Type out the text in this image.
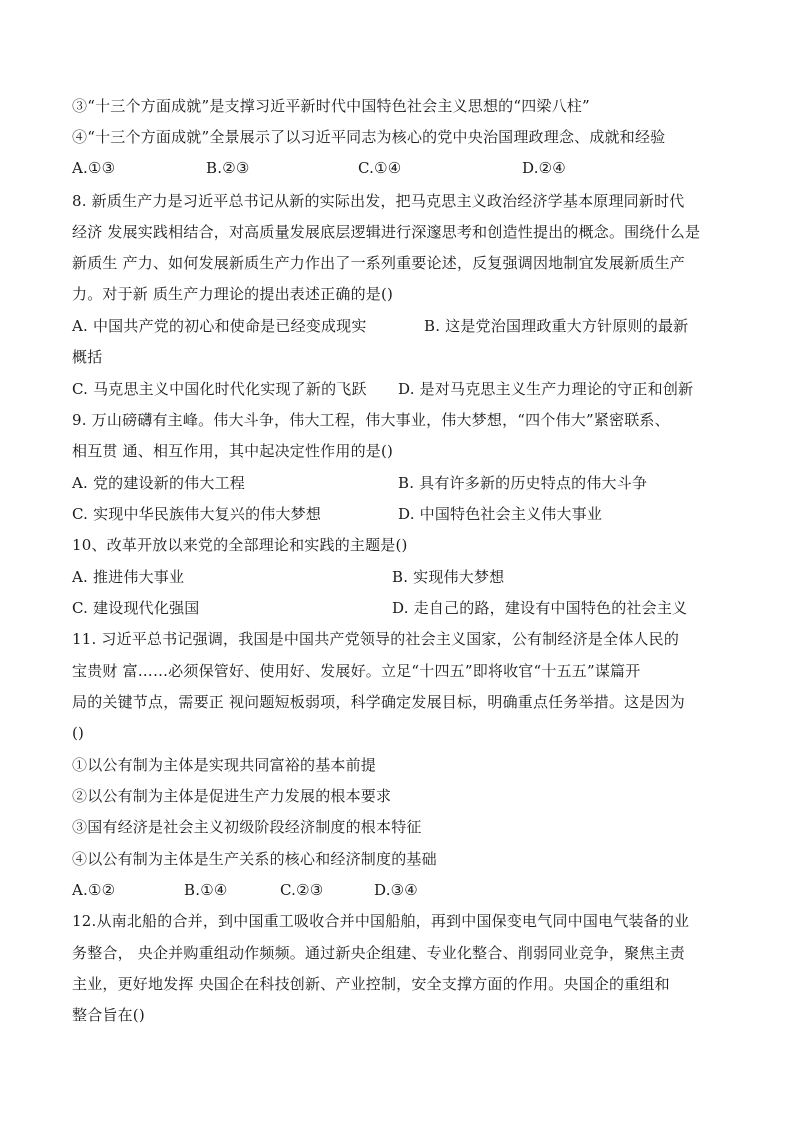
③“十三个方面成就”是支撑习近平新时代中国特色社会主义思想的“四梁八柱”
④“十三个方面成就”全景展示了以习近平同志为核心的党中央治国理政理念、成就和经验
A.①③	B.②③	C.①④	D.②④
8. 新质生产力是习近平总书记从新的实际出发，把马克思主义政治经济学基本原理同新时代
经济 发展实践相结合，对高质量发展底层逻辑进行深邃思考和创造性提出的概念。围绕什么是
新质生 产力、如何发展新质生产力作出了一系列重要论述，反复强调因地制宜发展新质生产
力。对于新 质生产力理论的提出表述正确的是()
A. 中国共产党的初心和使命是已经变成现实	B. 这是党治国理政重大方针原则的最新
概括
C. 马克思主义中国化时代化实现了新的飞跃 D. 是对马克思主义生产力理论的守正和创新
9. 万山磅礴有主峰。伟大斗争，伟大工程，伟大事业，伟大梦想，“四个伟大”紧密联系、
相互贯 通、相互作用，其中起决定性作用的是()
A. 党的建设新的伟大工程	B. 具有许多新的历史特点的伟大斗争
C. 实现中华民族伟大复兴的伟大梦想	D. 中国特色社会主义伟大事业
10、改革开放以来党的全部理论和实践的主题是()
A. 推进伟大事业	B. 实现伟大梦想
C. 建设现代化强国	D. 走自己的路，建设有中国特色的社会主义
11. 习近平总书记强调，我国是中国共产党领导的社会主义国家，公有制经济是全体人民的
宝贵财 富……必须保管好、使用好、发展好。立足“十四五”即将收官“十五五”谋篇开
局的关键节点，需要正 视问题短板弱项，科学确定发展目标，明确重点任务举措。这是因为
()
①以公有制为主体是实现共同富裕的基本前提
②以公有制为主体是促进生产力发展的根本要求
③国有经济是社会主义初级阶段经济制度的根本特征
④以公有制为主体是生产关系的核心和经济制度的基础
A.①②	B.①④	C.②③	D.③④
12.从南北船的合并，到中国重工吸收合并中国船舶，再到中国保变电气同中国电气装备的业
务整合， 央企并购重组动作频频。通过新央企组建、专业化整合、削弱同业竞争，聚焦主责
主业，更好地发挥 央国企在科技创新、产业控制，安全支撑方面的作用。央国企的重组和
整合旨在()
